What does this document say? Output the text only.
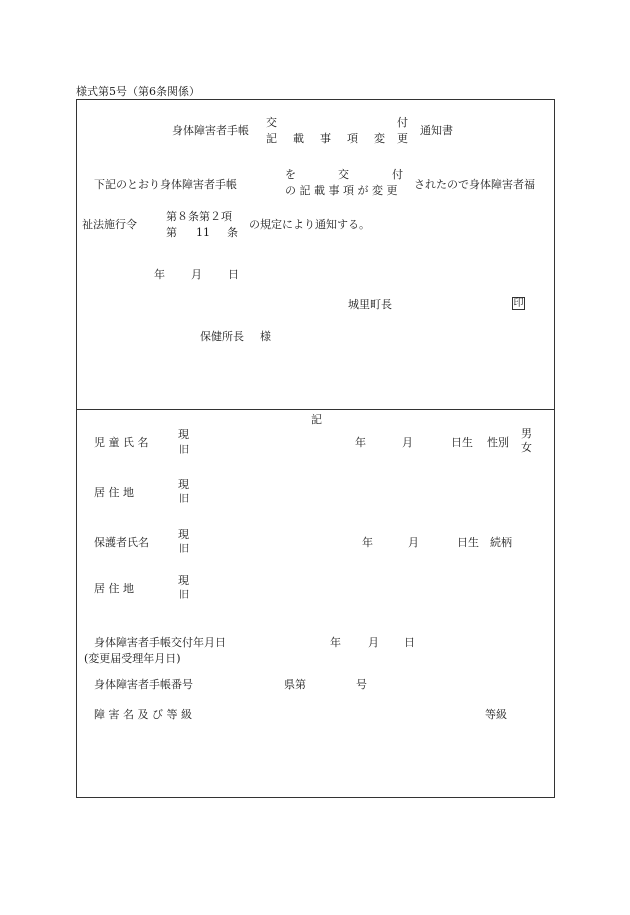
様式第5号（第6条関係）
身体障害者手帳
交	付
記 載 事 項 変 更
通知書
下記のとおり身体障害者手帳
を	交	付
の 記 載 事 項 が 変 更 されたので身体障害者福
祉法施行令
第８条第２項
第 11 条
の規定により通知する。
年 月 日
城里町長	印
保健所長 様
記
児 童 氏 名
現
旧
年	月	日生 性別
男
女
居 住 地
現
旧
保護者氏名
現
旧
年	月	日生 続柄
居 住 地
現
旧
身体障害者手帳交付年月日	年 月 日
(変更届受理年月日)
身体障害者手帳番号	県第	号
障 害 名 及 び 等 級	等級
